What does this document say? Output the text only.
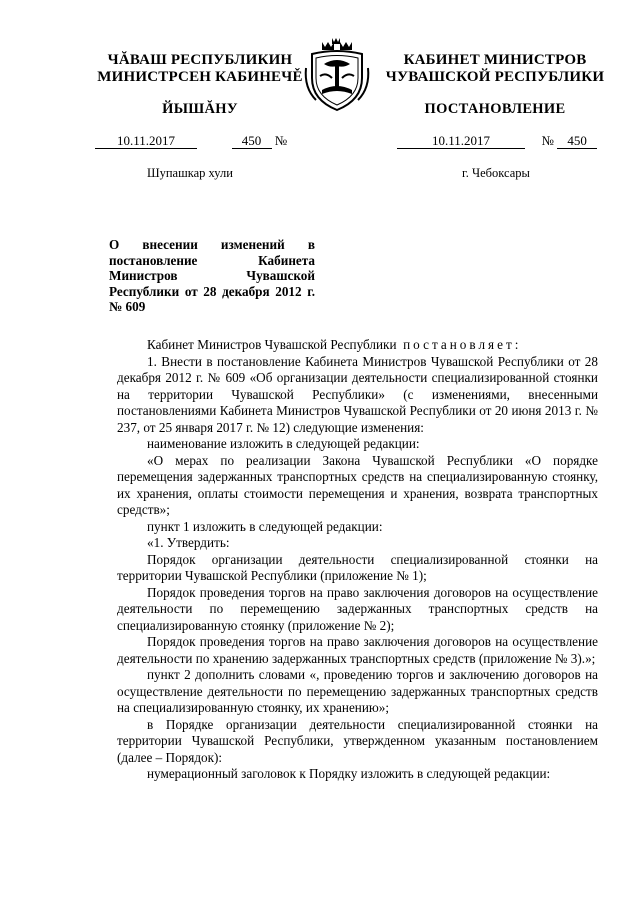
ЧĂВАШ РЕСПУБЛИКИН
МИНИСТРСЕН КАБИНЕЧĚ
ЙЫШĂНУ
КАБИНЕТ МИНИСТРОВ
ЧУВАШСКОЙ РЕСПУБЛИКИ
ПОСТАНОВЛЕНИЕ
10.11.2017	450 №	10.11.2017	№ 450
Шупашкар хули	г. Чебоксары
О внесении изменений в постановление Кабинета Министров Чувашской Республики от 28 декабря 2012 г. № 609

Кабинет Министров Чувашской Республики постановляет:

1. Внести в постановление Кабинета Министров Чувашской Республики от 28 декабря 2012 г. № 609 «Об организации деятельности специализированной стоянки на территории Чувашской Республики» (с изменениями, внесенными постановлениями Кабинета Министров Чувашской Республики от 20 июня 2013 г. № 237, от 25 января 2017 г. № 12) следующие изменения:

наименование изложить в следующей редакции:

«О мерах по реализации Закона Чувашской Республики «О порядке перемещения задержанных транспортных средств на специализированную стоянку, их хранения, оплаты стоимости перемещения и хранения, возврата транспортных средств»;

пункт 1 изложить в следующей редакции:

«1. Утвердить:

Порядок организации деятельности специализированной стоянки на территории Чувашской Республики (приложение № 1);

Порядок проведения торгов на право заключения договоров на осуществление деятельности по перемещению задержанных транспортных средств на специализированную стоянку (приложение № 2);

Порядок проведения торгов на право заключения договоров на осуществление деятельности по хранению задержанных транспортных средств (приложение № 3).»;

пункт 2 дополнить словами «, проведению торгов и заключению договоров на осуществление деятельности по перемещению задержанных транспортных средств на специализированную стоянку, их хранению»;

в Порядке организации деятельности специализированной стоянки на территории Чувашской Республики, утвержденном указанным постановлением (далее – Порядок):

нумерационный заголовок к Порядку изложить в следующей редакции:
